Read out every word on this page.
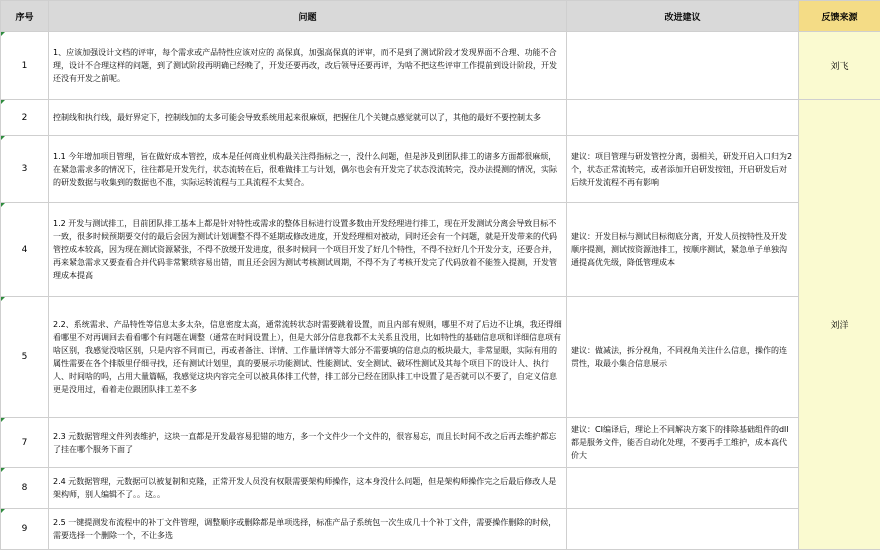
序号	问题	改进建议	反馈来源
1	1、应该加强设计文档的评审，每个需求或产品特性应该对应的 高保真，加强高保真的评审，而不是到了测试阶段才发现界面不合理、功能不合理，设计不合理这样的问题，到了测试阶段再明确已经晚了，开发还要再改，改后领导还要再评，为啥不把这些评审工作提前到设计阶段，开发还没有开发之前呢。		刘飞
2	控制线和执行线，最好界定下，控制线加的太多可能会导致系统用起来很麻烦，把握住几个关键点感觉就可以了，其他的最好不要控制太多		刘洋
3	1.1 今年增加项目管理，旨在做好成本管控，成本是任何商业机构最关注得指标之一，没什么问题，但是涉及到团队排工的诸多方面都很麻烦，在紧急需求多的情况下，往往都是开发先行，状态流转在后，很难做排工与计划，偶尔也会有开发完了状态没流转完，没办法提测的情况，实际的研发数据与收集到的数据也不准，实际运转流程与工具流程不太契合。	建议：项目管理与研发管控分离，弱相关，研发开启入口归为2个，状态正常流转完，或者添加开启研发按钮，开启研发后对后续开发流程不再有影响	
4	1.2 开发与测试排工，目前团队排工基本上都是针对特性或需求的整体目标进行设置多数由开发经理进行排工，现在开发测试分离会导致目标不一致，很多时候预期要交付的最后会因为测试计划调整不得不延期或修改进度，开发经理相对被动，同时还会有一个问题，就是开发带来的代码管控成本较高，因为现在测试资源紧张，不得不放缓开发进度，很多时候同一个项目开发了好几个特性，不得不拉好几个开发分支，还要合并，再来紧急需求又要查看合并代码非常繁琐容易出错，而且还会因为测试考核测试周期，不得不为了考核开发完了代码放着不能签入提测，开发管理成本提高	建议：开发目标与测试目标彻底分离，开发人员按特性及开发顺序提测，测试按资源池排工，按顺序测试，紧急单子单独沟通提高优先级，降低管理成本	
5	2.2、系统需求、产品特性等信息太多太杂，信息密度太高，通常流转状态时需要跳着设置，而且内部有规则，哪里不对了后边不让填，我还得细看哪里不对再调回去看看哪个有问题在调整（通常在时间设置上），但是大部分信息我都不太关系且没用，比如特性的基础信息项和详细信息项有啥区别，我感觉没啥区别，只是内容不同而已，再或者备注、详情、工作量详情等大部分不需要填的信息点的板块最大，非常显眼，实际有用的属性需要在各个排版里仔细寻找，还有测试计划里，真的要展示功能测试、性能测试、安全测试、破坏性测试及其每个项目下的设计人、执行人、时间啥的吗，占用大量篇幅，我感觉这块内容完全可以被具体排工代替，排工部分已经在团队排工中设置了是否就可以不要了，自定义信息更是没用过，看着走位跟团队排工差不多	建议：做减法，拆分视角，不同视角关注什么信息，操作的连贯性，取最小集合信息展示	
7	2.3 元数据管理文件列表维护，这块一直都是开发最容易犯错的地方，多一个文件少一个文件的，很容易忘，而且长时间不改之后再去维护都忘了挂在哪个服务下面了	建议：CI编译后，理论上不同解决方案下的排除基础组件的dll都是服务文件，能否自动化处理，不要再手工维护，成本高代价大	
8	2.4 元数据管理，元数据可以被复制和克隆，正常开发人员没有权限需要架构师操作，这本身没什么问题，但是架构师操作完之后最后修改人是架构师，别人编辑不了。。这。。		
9	2.5 一键提测发布流程中的补丁文件管理，调整顺序或删除都是单项选择，标准产品子系统包一次生成几十个补丁文件，需要操作删除的时候，需要选择一个删除一个，不让多选		
